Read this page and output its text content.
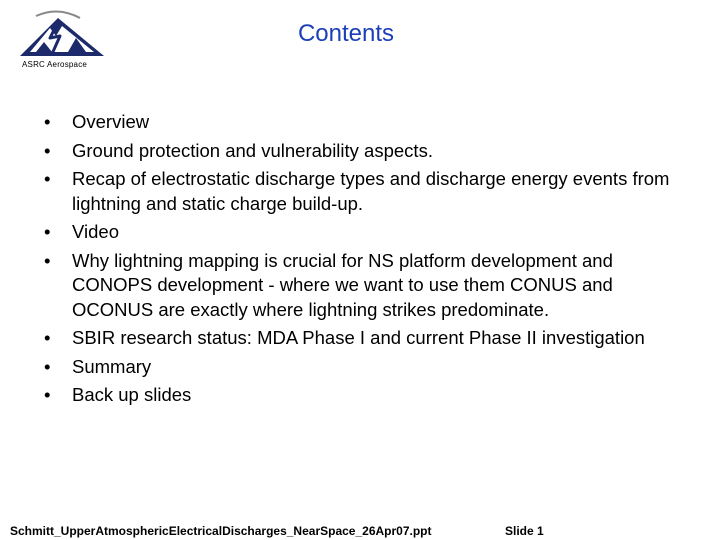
ASRC Aerospace
Contents
• Overview
• Ground protection and vulnerability aspects.
• Recap of electrostatic discharge types and discharge energy events from lightning and static charge build-up.
• Video
• Why lightning mapping is crucial for NS platform development and CONOPS development - where we want to use them CONUS and OCONUS are exactly where lightning strikes predominate.
• SBIR research status: MDA Phase I and current Phase II investigation
• Summary
• Back up slides
Schmitt_UpperAtmosphericElectricalDischarges_NearSpace_26Apr07.ppt	Slide 1
